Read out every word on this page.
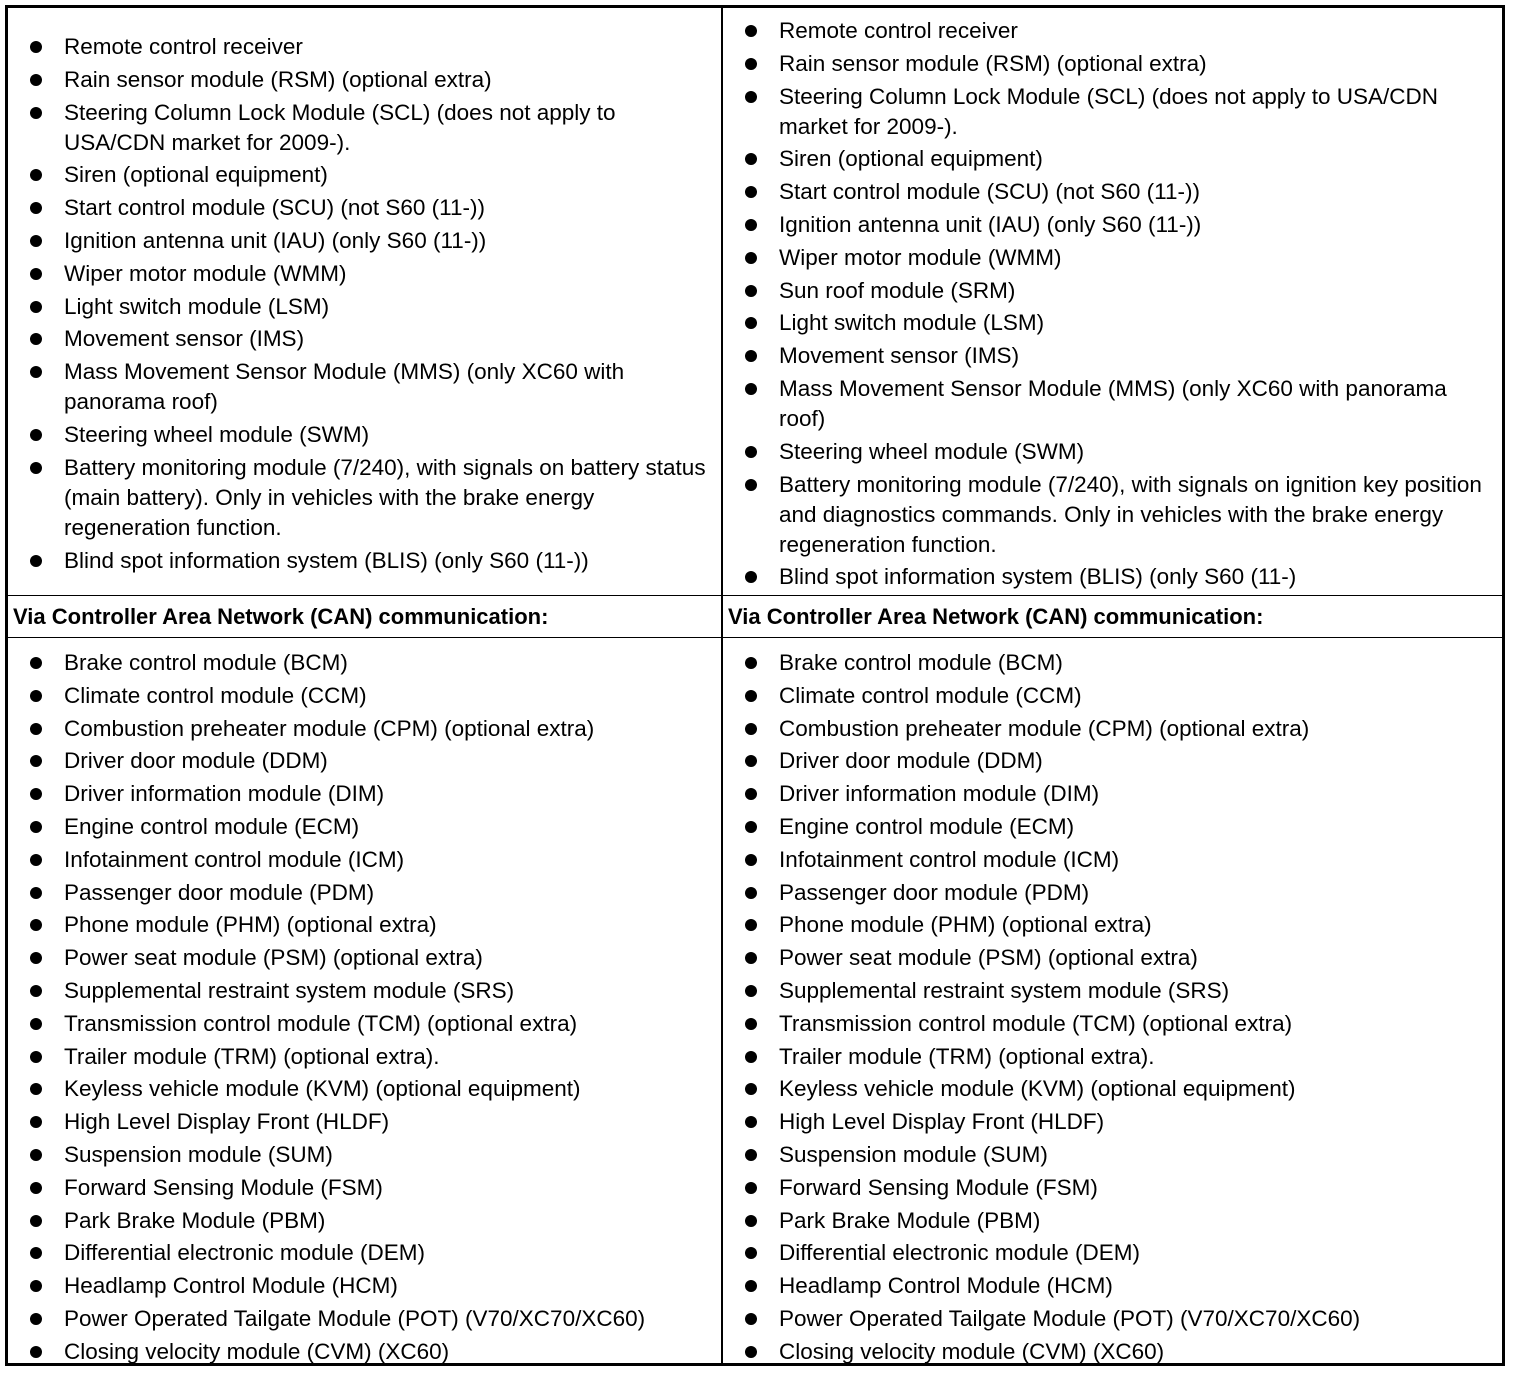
Remote control receiver
Rain sensor module (RSM) (optional extra)
Steering Column Lock Module (SCL) (does not apply to USA/CDN market for 2009-).
Siren (optional equipment)
Start control module (SCU) (not S60 (11-))
Ignition antenna unit (IAU) (only S60 (11-))
Wiper motor module (WMM)
Light switch module (LSM)
Movement sensor (IMS)
Mass Movement Sensor Module (MMS) (only XC60 with panorama roof)
Steering wheel module (SWM)
Battery monitoring module (7/240), with signals on battery status (main battery). Only in vehicles with the brake energy regeneration function.
Blind spot information system (BLIS) (only S60 (11-))
Remote control receiver
Rain sensor module (RSM) (optional extra)
Steering Column Lock Module (SCL) (does not apply to USA/CDN market for 2009-).
Siren (optional equipment)
Start control module (SCU) (not S60 (11-))
Ignition antenna unit (IAU) (only S60 (11-))
Wiper motor module (WMM)
Sun roof module (SRM)
Light switch module (LSM)
Movement sensor (IMS)
Mass Movement Sensor Module (MMS) (only XC60 with panorama roof)
Steering wheel module (SWM)
Battery monitoring module (7/240), with signals on ignition key position and diagnostics commands. Only in vehicles with the brake energy regeneration function.
Blind spot information system (BLIS) (only S60 (11-)
Via Controller Area Network (CAN) communication:	Via Controller Area Network (CAN) communication:
Brake control module (BCM)
Climate control module (CCM)
Combustion preheater module (CPM) (optional extra)
Driver door module (DDM)
Driver information module (DIM)
Engine control module (ECM)
Infotainment control module (ICM)
Passenger door module (PDM)
Phone module (PHM) (optional extra)
Power seat module (PSM) (optional extra)
Supplemental restraint system module (SRS)
Transmission control module (TCM) (optional extra)
Trailer module (TRM) (optional extra).
Keyless vehicle module (KVM) (optional equipment)
High Level Display Front (HLDF)
Suspension module (SUM)
Forward Sensing Module (FSM)
Park Brake Module (PBM)
Differential electronic module (DEM)
Headlamp Control Module (HCM)
Power Operated Tailgate Module (POT) (V70/XC70/XC60)
Closing velocity module (CVM) (XC60)
Brake control module (BCM)
Climate control module (CCM)
Combustion preheater module (CPM) (optional extra)
Driver door module (DDM)
Driver information module (DIM)
Engine control module (ECM)
Infotainment control module (ICM)
Passenger door module (PDM)
Phone module (PHM) (optional extra)
Power seat module (PSM) (optional extra)
Supplemental restraint system module (SRS)
Transmission control module (TCM) (optional extra)
Trailer module (TRM) (optional extra).
Keyless vehicle module (KVM) (optional equipment)
High Level Display Front (HLDF)
Suspension module (SUM)
Forward Sensing Module (FSM)
Park Brake Module (PBM)
Differential electronic module (DEM)
Headlamp Control Module (HCM)
Power Operated Tailgate Module (POT) (V70/XC70/XC60)
Closing velocity module (CVM) (XC60)
